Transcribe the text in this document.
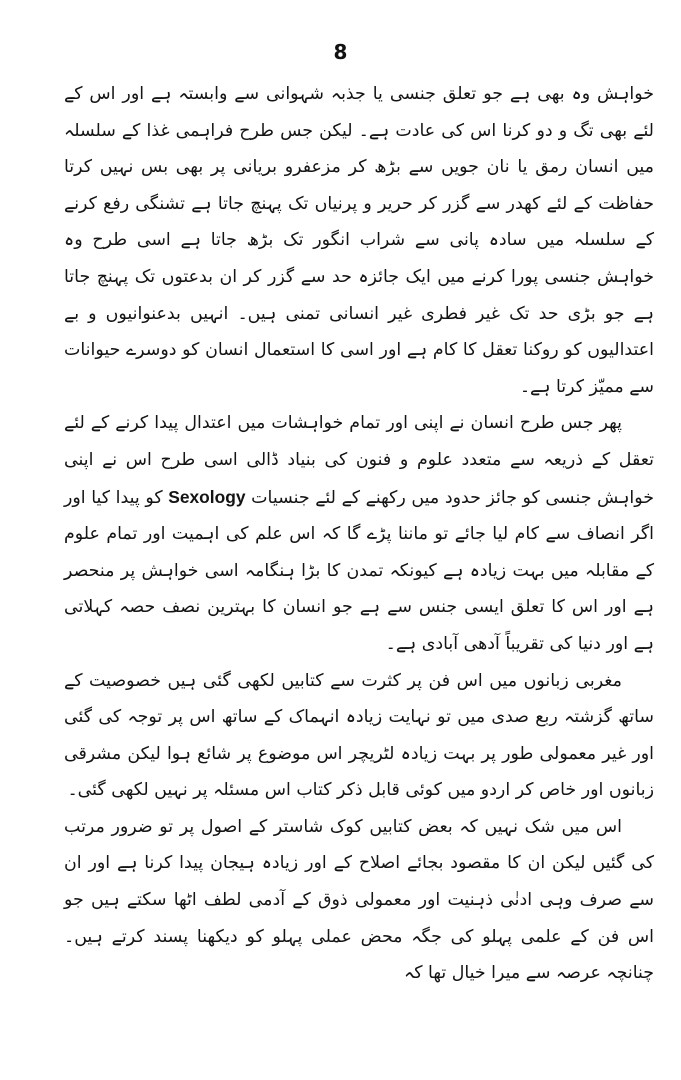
8

خواہش وہ بھی ہے جو تعلق جنسی یا جذبہ شہوانی سے وابستہ ہے اور اس کے لئے بھی تگ و دو کرنا اس کی عادت ہے۔ لیکن جس طرح فراہمی غذا کے سلسلہ میں انسان رمق یا نان جویں سے بڑھ کر مزعفرو بریانی پر بھی بس نہیں کرتا حفاظت کے لئے کھدر سے گزر کر حریر و پرنیاں تک پہنچ جاتا ہے تشنگی رفع کرنے کے سلسلہ میں سادہ پانی سے شراب انگور تک بڑھ جاتا ہے اسی طرح وہ خواہش جنسی پورا کرنے میں ایک جائزہ حد سے گزر کر ان بدعتوں تک پہنچ جاتا ہے جو بڑی حد تک غیر فطری غیر انسانی تمنی ہیں۔ انہیں بدعنوانیوں و بے اعتدالیوں کو روکنا تعقل کا کام ہے اور اسی کا استعمال انسان کو دوسرے حیوانات سے ممیّز کرتا ہے۔

پھر جس طرح انسان نے اپنی اور تمام خواہشات میں اعتدال پیدا کرنے کے لئے تعقل کے ذریعہ سے متعدد علوم و فنون کی بنیاد ڈالی اسی طرح اس نے اپنی خواہش جنسی کو جائز حدود میں رکھنے کے لئے جنسیات Sexology کو پیدا کیا اور اگر انصاف سے کام لیا جائے تو ماننا پڑے گا کہ اس علم کی اہمیت اور تمام علوم کے مقابلہ میں بہت زیادہ ہے کیونکہ تمدن کا بڑا ہنگامہ اسی خواہش پر منحصر ہے اور اس کا تعلق ایسی جنس سے ہے جو انسان کا بہترین نصف حصہ کہلاتی ہے اور دنیا کی تقریباً آدھی آبادی ہے۔

مغربی زبانوں میں اس فن پر کثرت سے کتابیں لکھی گئی ہیں خصوصیت کے ساتھ گزشتہ ربع صدی میں تو نہایت زیادہ انہماک کے ساتھ اس پر توجہ کی گئی اور غیر معمولی طور پر بہت زیادہ لٹریچر اس موضوع پر شائع ہوا لیکن مشرقی زبانوں اور خاص کر اردو میں کوئی قابل ذکر کتاب اس مسئلہ پر نہیں لکھی گئی۔

اس میں شک نہیں کہ بعض کتابیں کوک شاستر کے اصول پر تو ضرور مرتب کی گئیں لیکن ان کا مقصود بجائے اصلاح کے اور زیادہ ہیجان پیدا کرنا ہے اور ان سے صرف وہی ادنٰی ذہنیت اور معمولی ذوق کے آدمی لطف اٹھا سکتے ہیں جو اس فن کے علمی پہلو کی جگہ محض عملی پہلو کو دیکھنا پسند کرتے ہیں۔ چنانچہ عرصہ سے میرا خیال تھا کہ
